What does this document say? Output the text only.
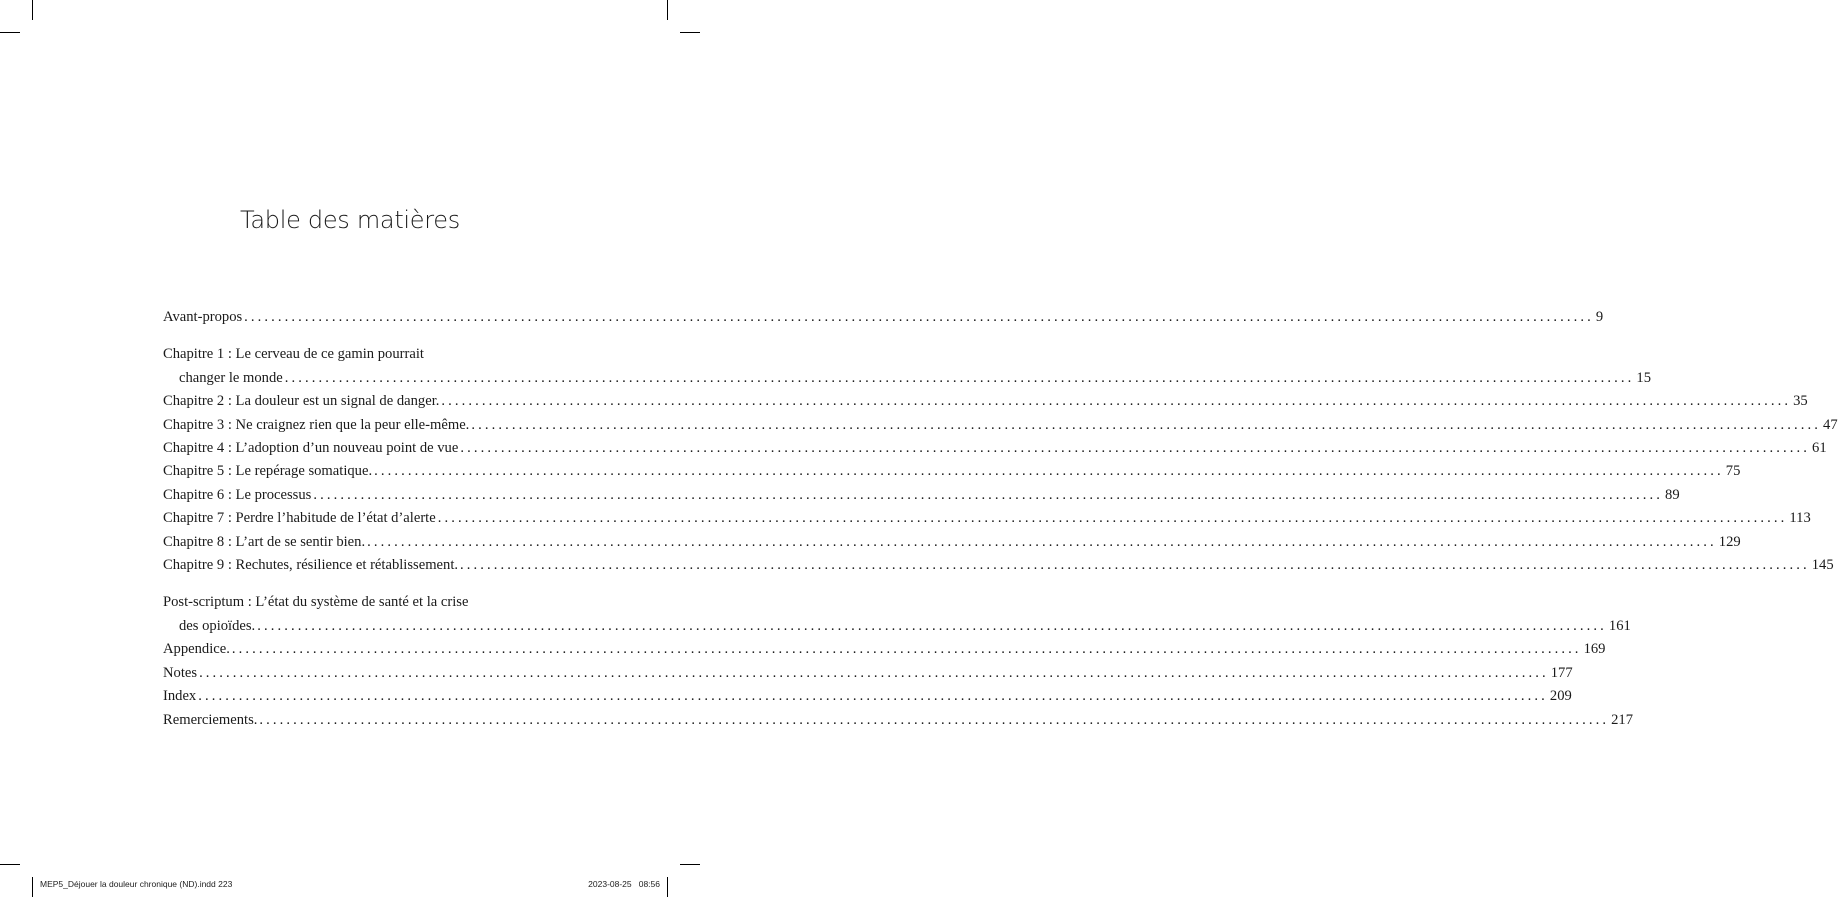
Table des matières
Avant-propos ........................................................................................................................................................................................................ 9
Chapitre 1 : Le cerveau de ce gamin pourrait
changer le monde ........................................................................................................................................................................................................ 15
Chapitre 2 : La douleur est un signal de danger. ........................................................................................................................................................................................................ 35
Chapitre 3 : Ne craignez rien que la peur elle-même. ........................................................................................................................................................................................................ 47
Chapitre 4 : L’adoption d’un nouveau point de vue ........................................................................................................................................................................................................ 61
Chapitre 5 : Le repérage somatique. ........................................................................................................................................................................................................ 75
Chapitre 6 : Le processus ........................................................................................................................................................................................................ 89
Chapitre 7 : Perdre l’habitude de l’état d’alerte ........................................................................................................................................................................................................ 113
Chapitre 8 : L’art de se sentir bien. ........................................................................................................................................................................................................ 129
Chapitre 9 : Rechutes, résilience et rétablissement. ........................................................................................................................................................................................................ 145
Post-scriptum : L’état du système de santé et la crise
des opioïdes. ........................................................................................................................................................................................................ 161
Appendice. ........................................................................................................................................................................................................ 169
Notes ........................................................................................................................................................................................................ 177
Index ........................................................................................................................................................................................................ 209
Remerciements. ........................................................................................................................................................................................................ 217
MEP5_Déjouer la douleur chronique (ND).indd 223	2023-08-25   08:56
